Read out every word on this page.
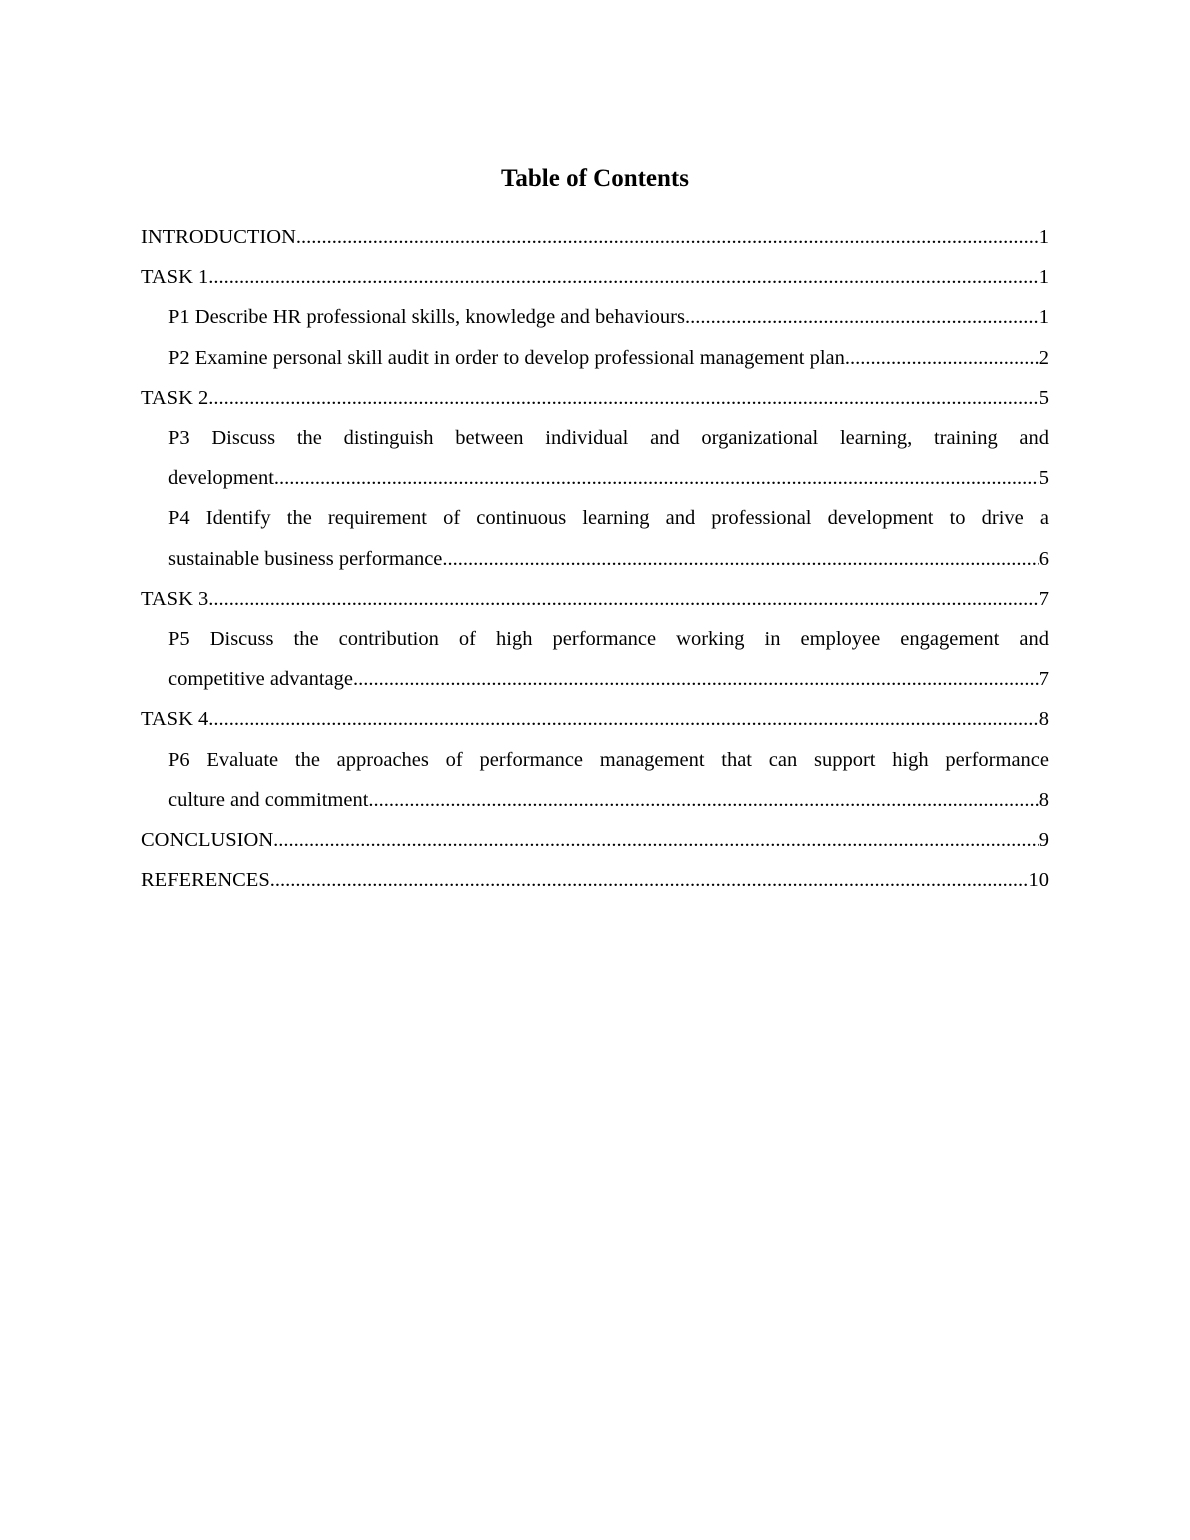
Table of Contents
INTRODUCTION .....	1
TASK 1 .....	1
P1 Describe HR professional skills, knowledge and behaviours .....	1
P2 Examine personal skill audit in order to develop professional management plan .....	2
TASK 2 .....	5
P3 Discuss the distinguish between individual and organizational learning, training and
development .....	5
P4 Identify the requirement of continuous learning and professional development to drive a
sustainable business performance .....	6
TASK 3 .....	7
P5 Discuss the contribution of high performance working in employee engagement and
competitive advantage .....	7
TASK 4 .....	8
P6 Evaluate the approaches of performance management that can support high performance
culture and commitment .....	8
CONCLUSION .....	9
REFERENCES .....	10
